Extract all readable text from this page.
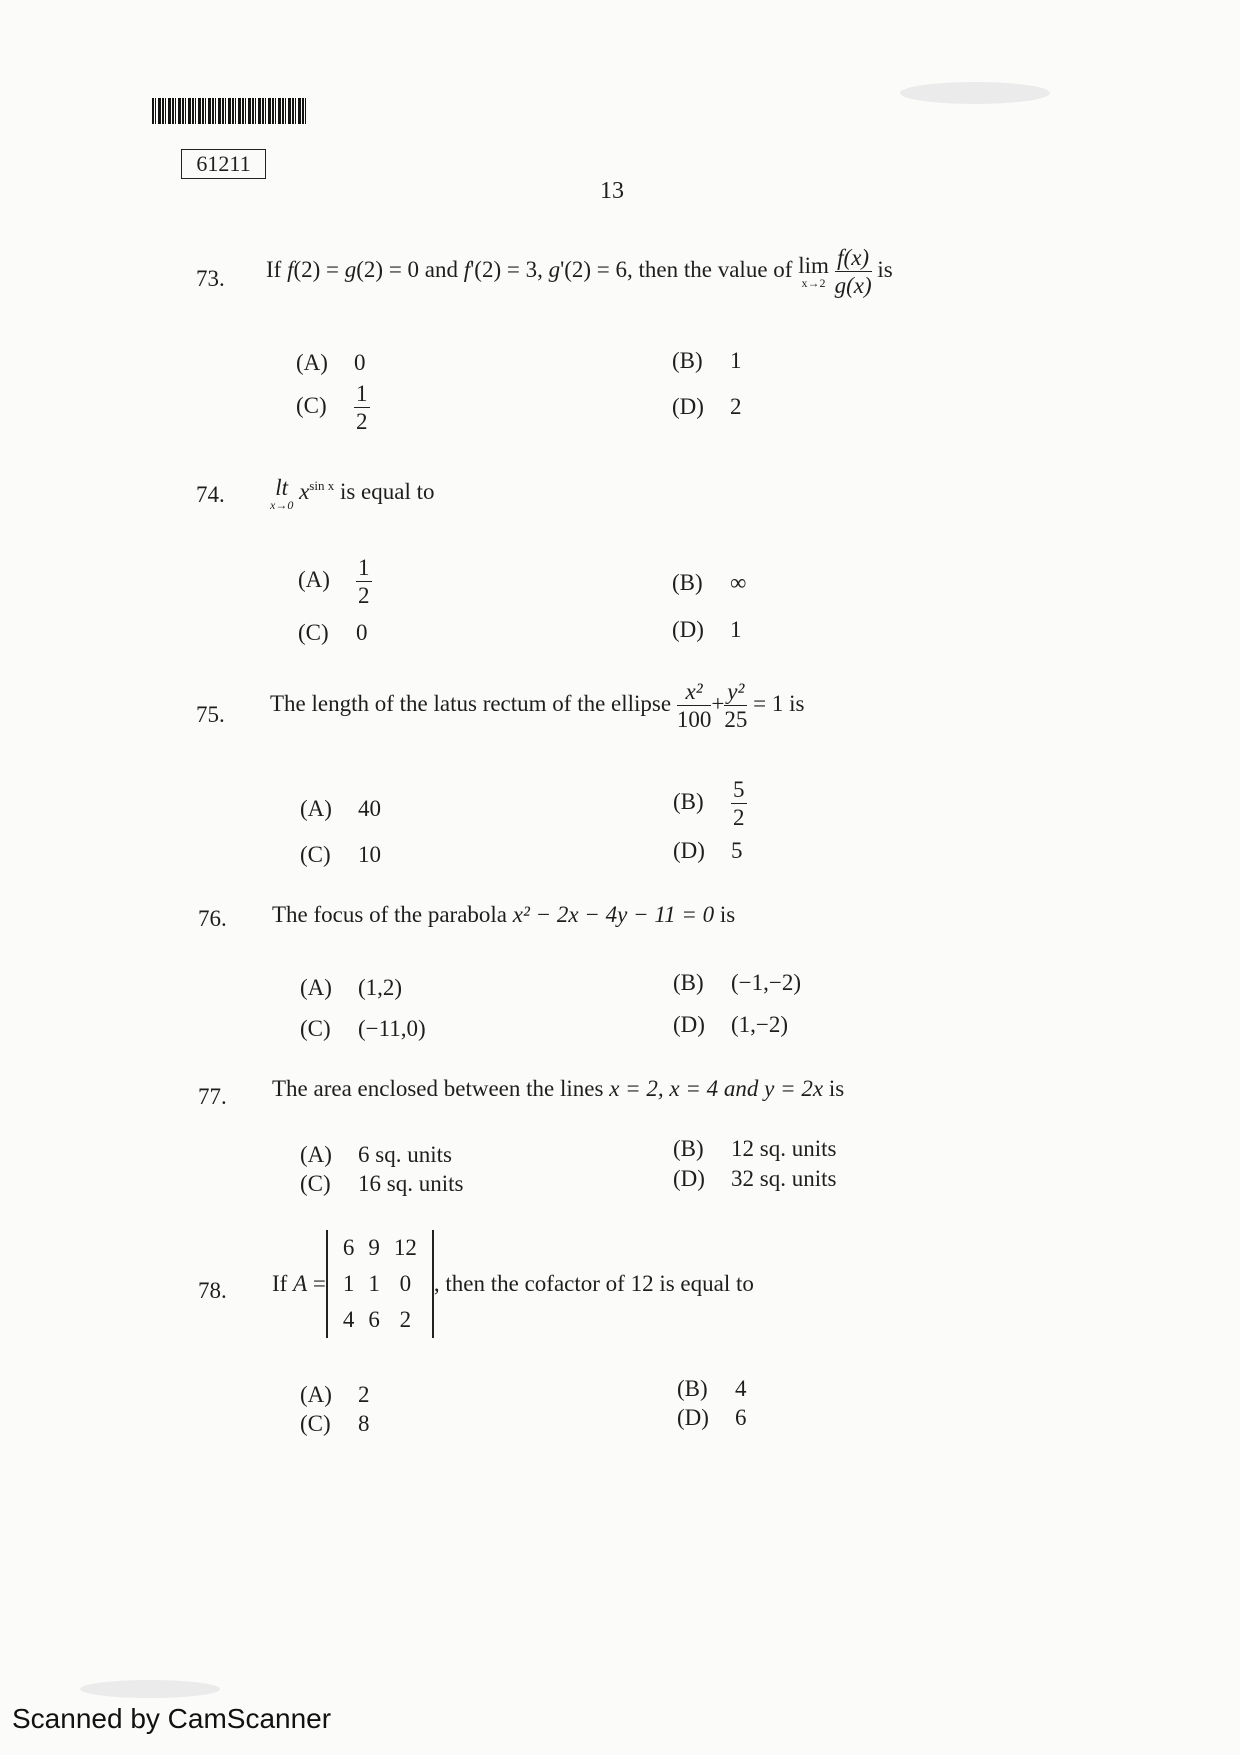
61211
13
73. If f(2) = g(2) = 0 and f'(2) = 3, g'(2) = 6, then the value of lim
x→2
$\frac{f(x)}{g(x)}$ is
(A) 0	(B) 1
$(C) \frac{1}{2}$	(D) 2
74. lt
x→0
$x^{sin x}$ is equal to
$(A) \frac{1}{2}$	(B) ∞
(C) 0	(D) 1
75. The length of the latus rectum of the ellipse $\frac{\text{x²}}{100} + \frac{\text{y²}}{25} = 1$ is
(A) 40	$(B) \frac{5}{2}$
(C) 10	(D) 5
76. The focus of the parabola x² − 2x − 4y − 11 = 0 is
(A) (1,2)	(B) (−1,−2)
(C) (−11,0)	(D) (1,−2)
77. The area enclosed between the lines x = 2, x = 4 and y = 2x is
(A) 6 sq. units	(B) 12 sq. units
(C) 16 sq. units	(D) 32 sq. units
78. If A =
6	9	12
1	1	0
4	6	2
, then the cofactor of 12 is equal to
(A) 2	(B) 4
(C) 8	(D) 6
Scanned by CamScanner
